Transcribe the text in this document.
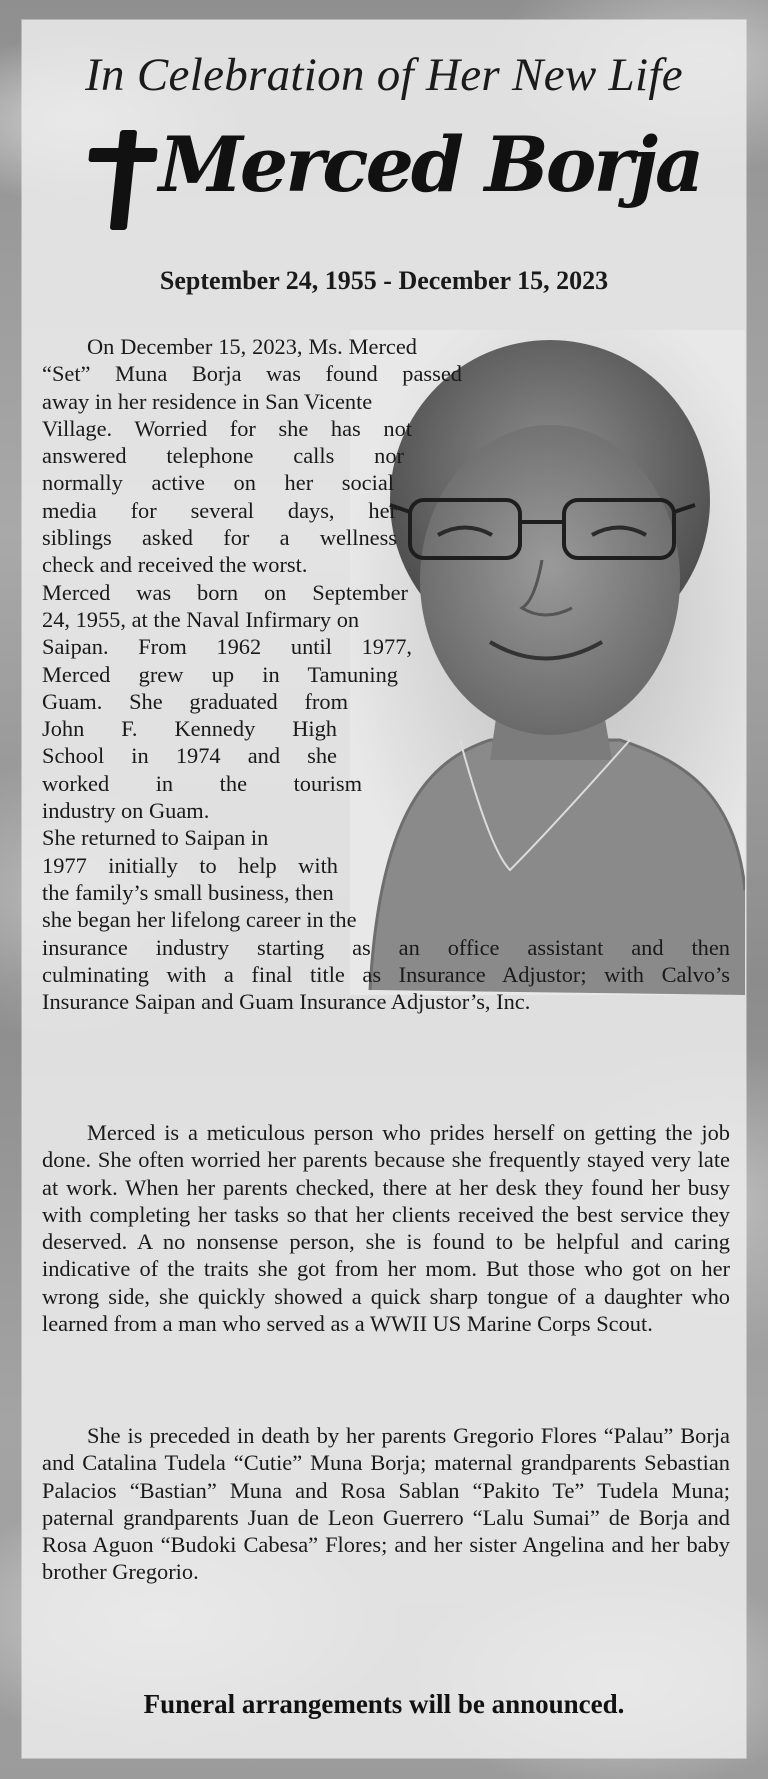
In Celebration of Her New Life
Merced Borja
September 24, 1955 - December 15, 2023
On December 15, 2023, Ms. Merced
“Set” Muna Borja was found passed
away in her residence in San Vicente
Village. Worried for she has not
answered telephone calls nor
normally active on her social
media for several days, her
siblings asked for a wellness
check and received the worst.
Merced was born on September
24, 1955, at the Naval Infirmary on
Saipan. From 1962 until 1977,
Merced grew up in Tamuning
Guam. She graduated from
John F. Kennedy High
School in 1974 and she
worked in the tourism
industry on Guam.
She returned to Saipan in
1977 initially to help with
the family’s small business, then
she began her lifelong career in the
insurance industry starting as an office assistant and then
culminating with a final title as Insurance Adjustor; with Calvo’s
Insurance Saipan and Guam Insurance Adjustor’s, Inc.

Merced is a meticulous person who prides herself on getting the job done. She often worried her parents because she frequently stayed very late at work. When her parents checked, there at her desk they found her busy with completing her tasks so that her clients received the best service they deserved. A no nonsense person, she is found to be helpful and caring indicative of the traits she got from her mom. But those who got on her wrong side, she quickly showed a quick sharp tongue of a daughter who learned from a man who served as a WWII US Marine Corps Scout.

She is preceded in death by her parents Gregorio Flores “Palau” Borja and Catalina Tudela “Cutie” Muna Borja; maternal grandparents Sebastian Palacios “Bastian” Muna and Rosa Sablan “Pakito Te” Tudela Muna; paternal grandparents Juan de Leon Guerrero “Lalu Sumai” de Borja and Rosa Aguon “Budoki Cabesa” Flores; and her sister Angelina and her baby brother Gregorio.

Funeral arrangements will be announced.
